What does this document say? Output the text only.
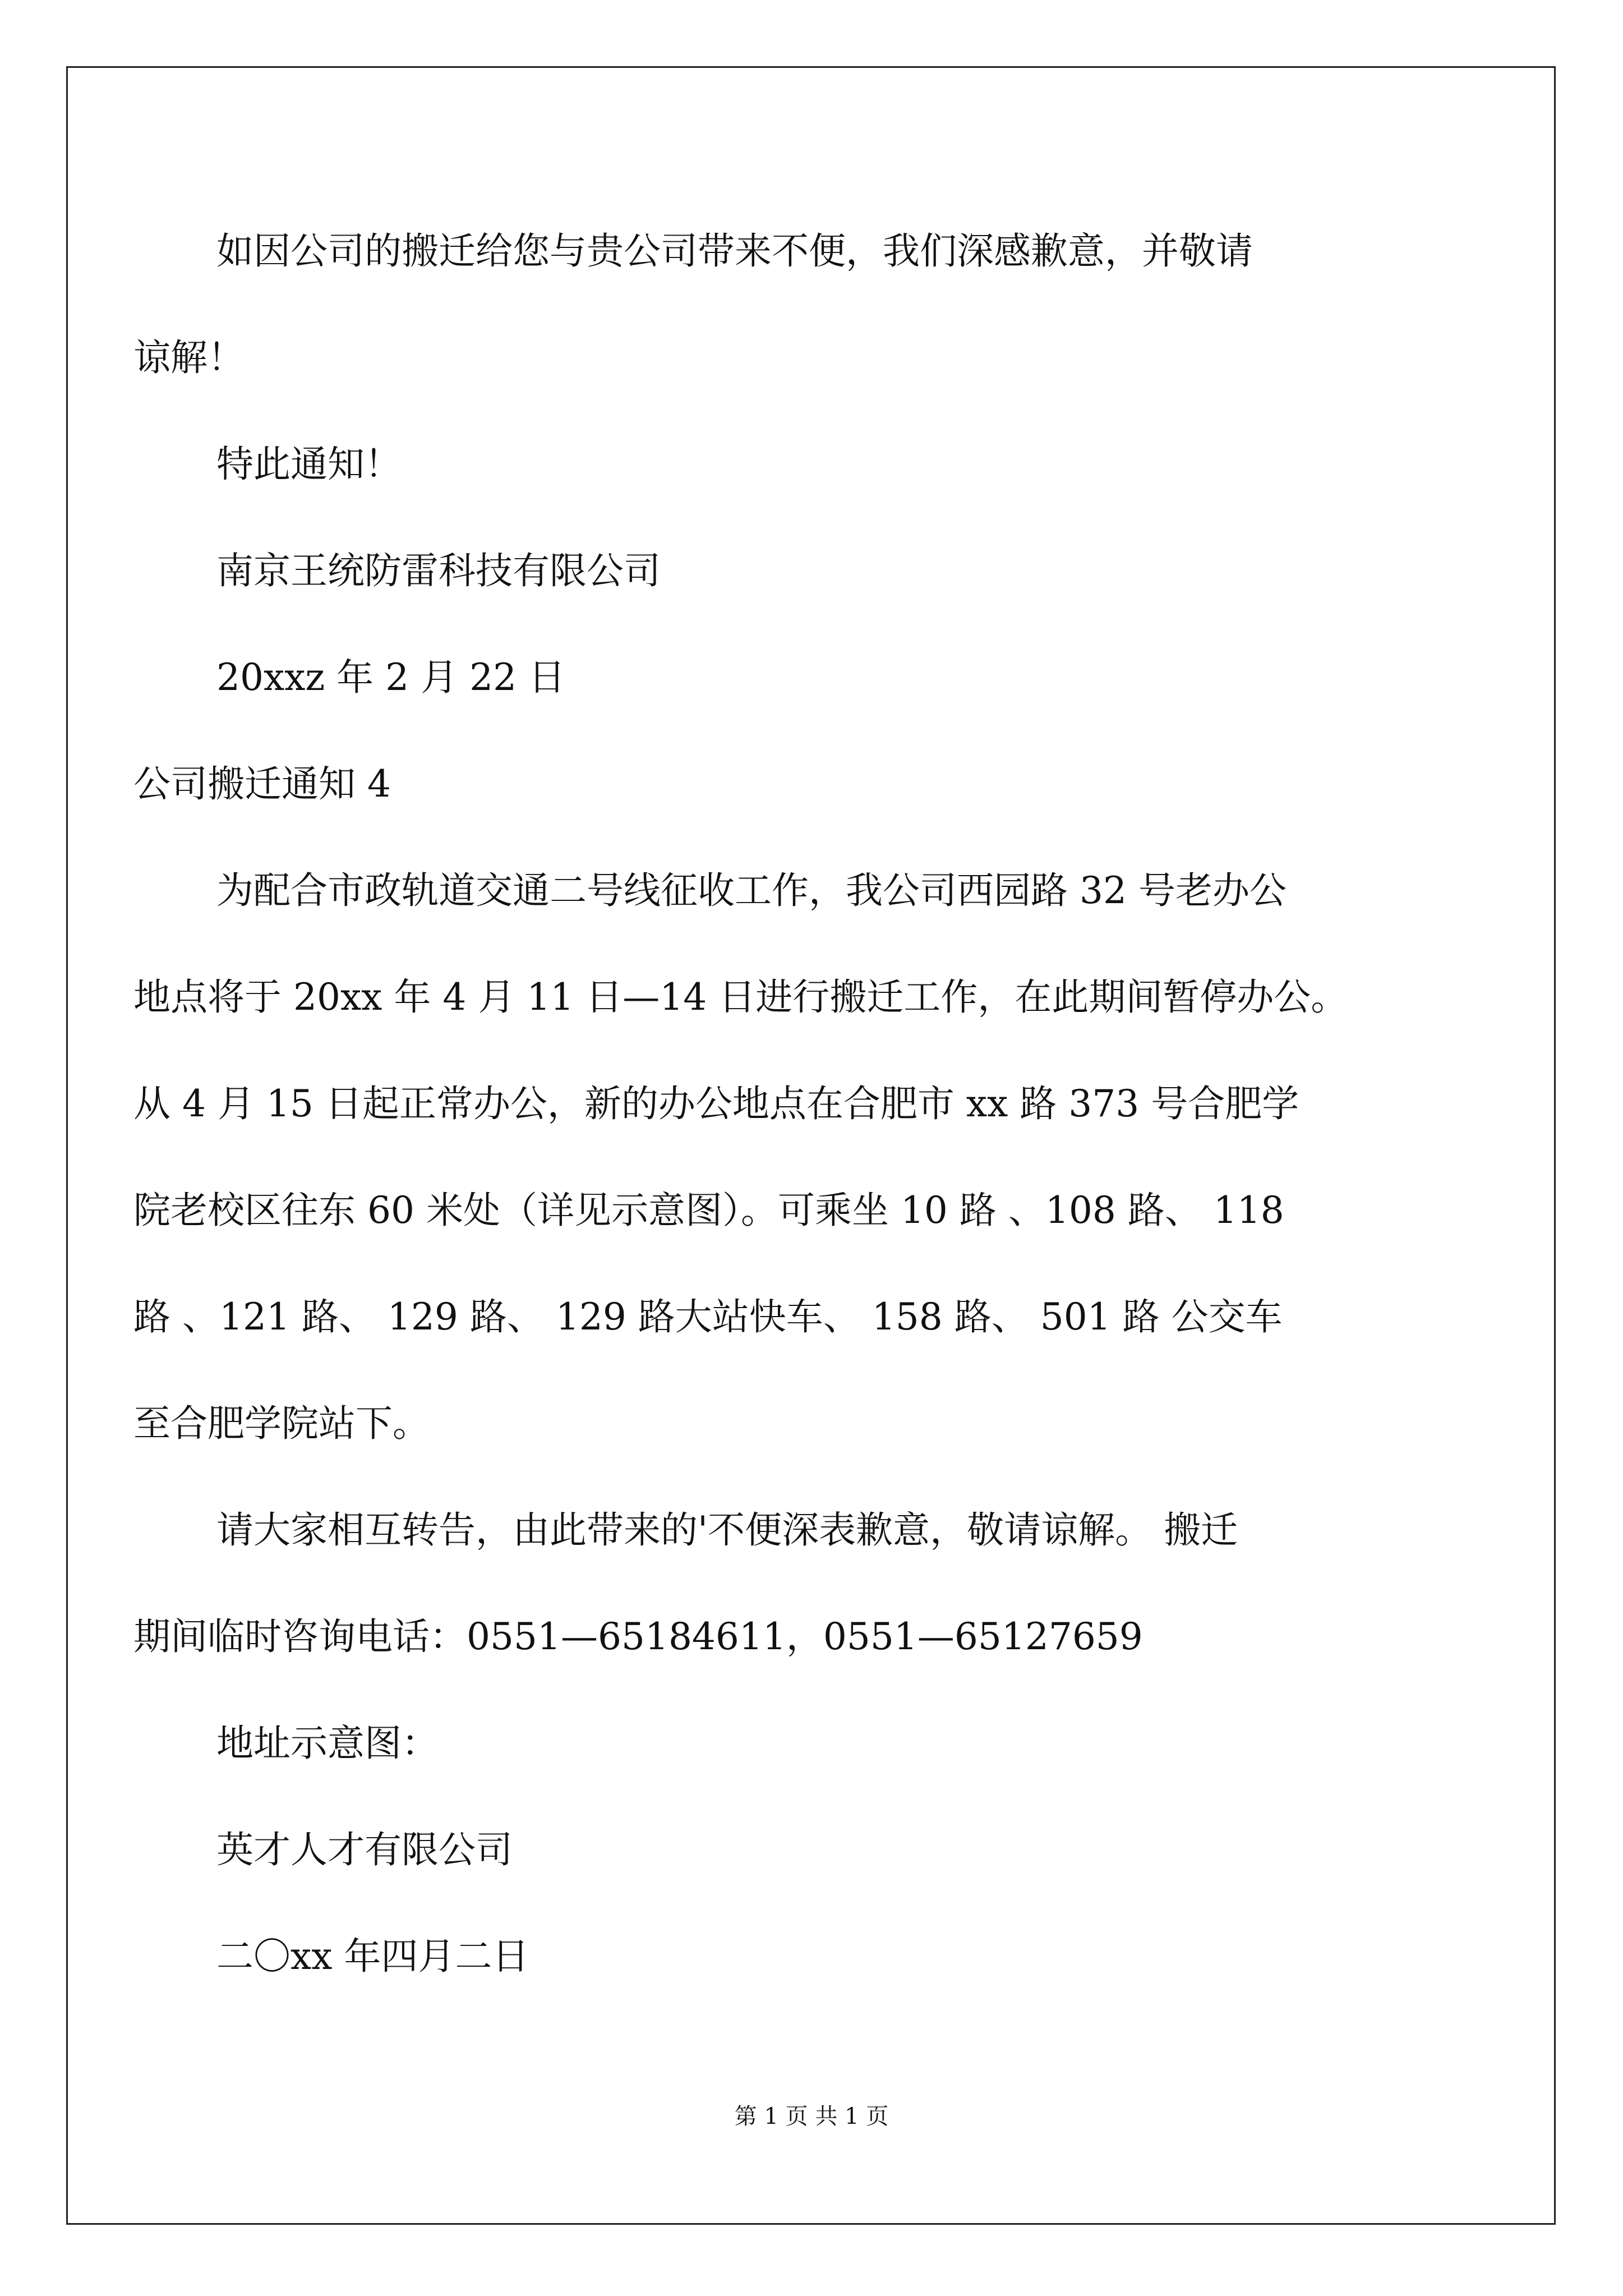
如因公司的搬迁给您与贵公司带来不便，我们深感歉意，并敬请
谅解！
特此通知！
南京王统防雷科技有限公司
20xxz 年 2 月 22 日
公司搬迁通知 4
为配合市政轨道交通二号线征收工作，我公司西园路 32 号老办公
地点将于 20xx 年 4 月 11 日—14 日进行搬迁工作，在此期间暂停办公。
从 4 月 15 日起正常办公，新的办公地点在合肥市 xx 路 373 号合肥学
院老校区往东 60 米处（详见示意图）。可乘坐 10 路 、108 路、 118
路 、121 路、 129 路、 129 路大站快车、 158 路、 501 路 公交车
至合肥学院站下。
请大家相互转告，由此带来的'不便深表歉意，敬请谅解。 搬迁
期间临时咨询电话：0551—65184611，0551—65127659
地址示意图：
英才人才有限公司
二〇xx 年四月二日
第 1 页 共 1 页
